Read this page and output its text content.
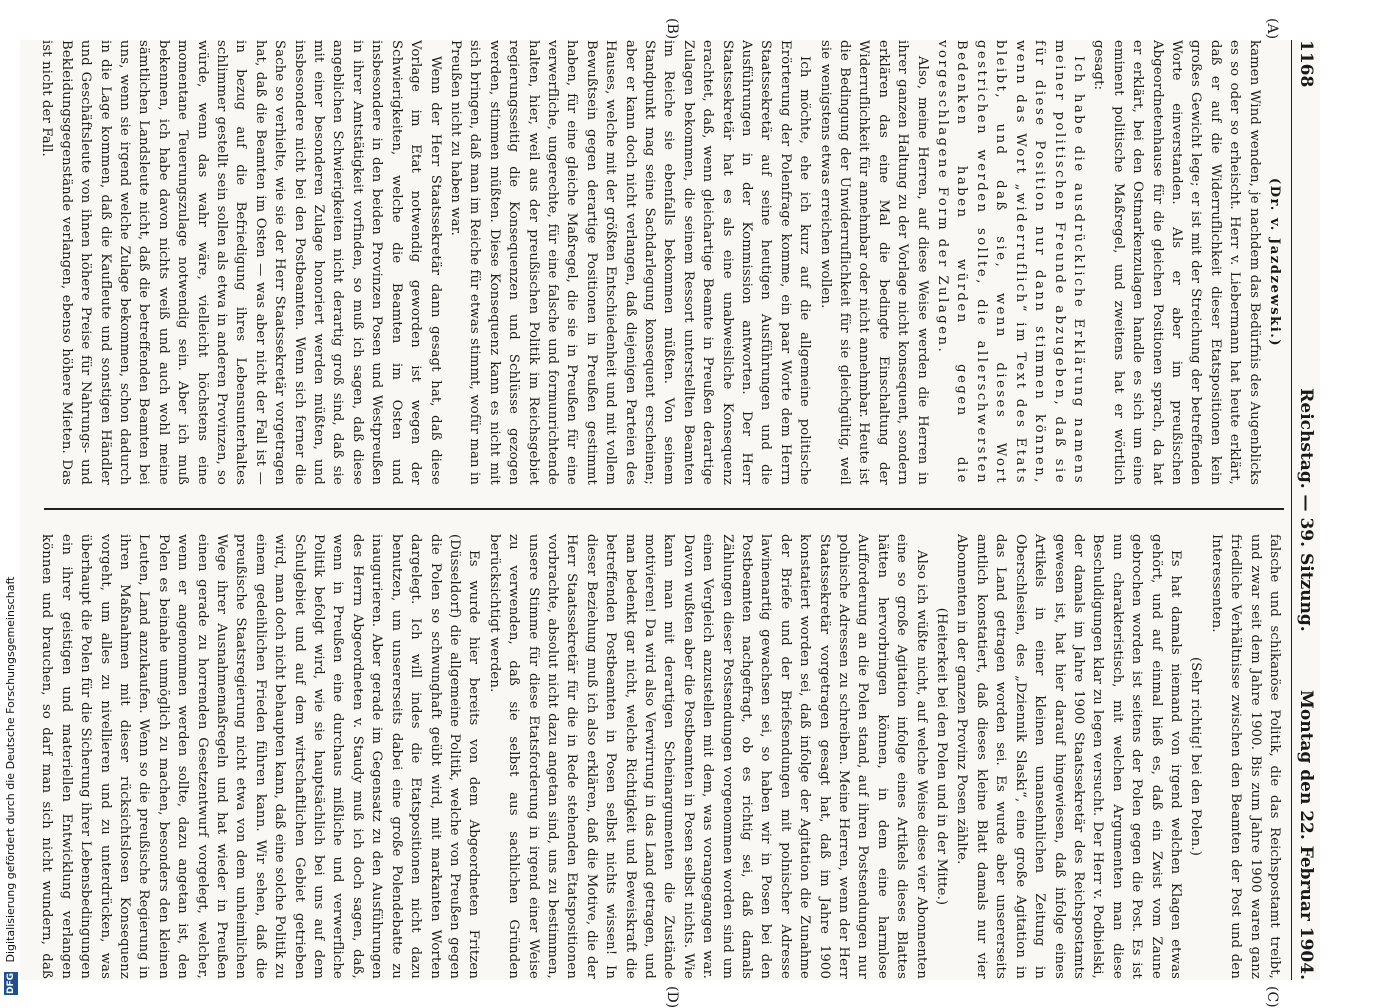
1168
Reichstag. — 39. Sitzung.
Montag den 22. Februar 1904.
(A)
(B)
(C)
(D)

(Dr. v. Jazdzewski.)

kamen Wind wenden, je nachdem das Bedürfnis des Augenblicks es so oder so erheischt. Herr v. Liebermann hat heute erklärt, daß er auf die Widerruflichkeit dieser Etatspositionen kein großes Gewicht lege; er ist mit der Streichung der betreffenden Worte einverstanden. Als er aber im preußischen Abgeordnetenhause für die gleichen Positionen sprach, da hat er erklärt, bei den Ostmarkenzulagen handle es sich um eine eminent politische Maßregel, und zweitens hat er wörtlich gesagt:

Ich habe die ausdrückliche Erklärung namens meiner politischen Freunde abzugeben, daß sie für diese Position nur dann stimmen können, wenn das Wort „widerruflich“ im Text des Etats bleibt, und daß sie, wenn dieses Wort gestrichen werden sollte, die allerschwersten Bedenken haben würden gegen die vorgeschlagene Form der Zulagen.

Also, meine Herren, auf diese Weise werden die Herren in ihrer ganzen Haltung zu der Vorlage nicht konsequent, sondern erklären das eine Mal die bedingte Einschaltung der Widerruflichkeit für annehmbar oder nicht annehmbar. Heute ist die Bedingung der Unwiderruflichkeit für sie gleichgültig, weil sie wenigstens etwas erreichen wollen.

Ich möchte, ehe ich kurz auf die allgemeine politische Erörterung der Polenfrage komme, ein paar Worte dem Herrn Staatssekretär auf seine heutigen Ausführungen und die Ausführungen in der Kommission antworten. Der Herr Staatssekretär hat es als eine unabweisliche Konsequenz erachtet, daß, wenn gleichartige Beamte in Preußen derartige Zulagen bekommen, die seinem Ressort unterstellten Beamten im Reiche sie ebenfalls bekommen müßten. Von seinem Standpunkt mag seine Sachdarlegung konsequent erscheinen; aber er kann doch nicht verlangen, daß diejenigen Parteien des Hauses, welche mit der größten Entschiedenheit und mit vollem Bewußtsein gegen derartige Positionen in Preußen gestimmt haben, für eine gleiche Maßregel, die sie in Preußen für eine verwerfliche, ungerechte, für eine falsche und formunrichtende halten, hier, weil aus der preußischen Politik im Reichsgebiet regierungsseitig die Konsequenzen und Schlüsse gezogen werden, stimmen müßten. Diese Konsequenz kann es nicht mit sich bringen, daß man im Reiche für etwas stimmt, wofür man in Preußen nicht zu haben war.

Wenn der Herr Staatssekretär dann gesagt hat, daß diese Vorlage im Etat notwendig geworden ist wegen der Schwierigkeiten, welche die Beamten im Osten und insbesondere in den beiden Provinzen Posen und Westpreußen in ihrer Amtstätigkeit vorfinden, so muß ich sagen, daß diese angeblichen Schwierigkeiten nicht derartig groß sind, daß sie mit einer besonderen Zulage honoriert werden müßten, und insbesondere nicht bei den Postbeamten. Wenn sich ferner die Sache so verhielte, wie sie der Herr Staatssekretär vorgetragen hat, daß die Beamten im Osten — was aber nicht der Fall ist — in bezug auf die Befriedigung ihres Lebensunterhaltes schlimmer gestellt sein sollen als etwa in anderen Provinzen, so würde, wenn das wahr wäre, vielleicht höchstens eine momentane Teuerungszulage notwendig sein. Aber ich muß bekennen, ich habe davon nichts weiß und auch wohl meine sämtlichen Landsleute nicht, daß die betreffenden Beamten bei uns, wenn sie irgend welche Zulage bekommen, schon dadurch in die Lage kommen, daß die Kaufleute und sonstigen Händler und Geschäftsleute von ihnen höhere Preise für Nahrungs- und Bekleidungsgegenstände verlangen, ebenso höhere Mieten. Das ist nicht der Fall.

falsche und schikanöse Politik, die das Reichspostamt treibt, und zwar seit dem Jahre 1900. Bis zum Jahre 1900 waren ganz friedliche Verhältnisse zwischen den Beamten der Post und den Interessenten.

(Sehr richtig! bei den Polen.)

Es hat damals niemand von irgend welchen Klagen etwas gehört, und auf einmal hieß es, daß ein Zwist vom Zaune gebrochen worden ist seitens der Polen gegen die Post. Es ist nun charakteristisch, mit welchen Argumenten man diese Beschuldigungen klar zu legen versucht. Der Herr v. Podbielski, der damals im Jahre 1900 Staatssekretär des Reichspostamts gewesen ist, hat hier darauf hingewiesen, daß infolge eines Artikels in einer kleinen unansehnlichen Zeitung in Oberschlesien, des „Dziennik Slaski“, eine große Agitation in das Land getragen worden sei. Es wurde aber unsererseits amtlich konstatiert, daß dieses kleine Blatt damals nur vier Abonnenten in der ganzen Provinz Posen zählte.

(Heiterkeit bei den Polen und in der Mitte.)

Also ich wüßte nicht, auf welche Weise diese vier Abonnenten eine so große Agitation infolge eines Artikels dieses Blattes hätten hervorbringen können, in dem eine harmlose Aufforderung an die Polen stand, auf ihren Postsendungen nur polnische Adressen zu schreiben. Meine Herren, wenn der Herr Staatssekretär vorgetragen gesagt hat, daß im Jahre 1900 konstatiert worden sei, daß infolge der Agitation die Zunahme der Briefe und der Briefsendungen mit polnischer Adresse lawinenartig gewachsen sei, so haben wir in Posen bei den Postbeamten nachgefragt, ob es richtig sei, daß damals Zählungen dieser Postsendungen vorgenommen worden sind um einen Vergleich anzustellen mit dem, was vorangegangen war. Davon wußten aber die Postbeamten in Posen selbst nichts. Wie kann man mit derartigen Scheinargumenten die Zustände motivieren! Da wird also Verwirrung in das Land getragen, und man bedenkt gar nicht, welche Richtigkeit und Beweiskraft die betreffenden Postbeamten in Posen selbst nichts wissen! In dieser Beziehung muß ich also erklären, daß die Motive, die der Herr Staatssekretär für die in Rede stehenden Etatspositionen vorbrachte, absolut nicht dazu angetan sind, uns zu bestimmen, unsere Stimme für diese Etatsforderung in irgend einer Weise zu verwenden, daß sie selbst aus sachlichen Gründen berücksichtigt werden.

Es wurde hier bereits von dem Abgeordneten Fritzen (Düsseldorf) die allgemeine Politik, welche von Preußen gegen die Polen so schwunghaft geübt wird, mit markanten Worten dargelegt. Ich will indes die Etatspositionen nicht dazu benutzen, um unsererseits dabei eine große Polendebatte zu inaugurieren. Aber gerade im Gegensatz zu den Ausführungen des Herrn Abgeordneten v. Staudy muß ich doch sagen, daß, wenn in Preußen eine durchaus mißliche und verwerfliche Politik befolgt wird, wie sie hauptsächlich bei uns auf dem Schulgebiet und auf dem wirtschaftlichen Gebiet getrieben wird, man doch nicht behaupten kann, daß eine solche Politik zu einem gedeihlichen Frieden führen kann. Wir sehen, daß die preußische Staatsregierung nicht etwa von dem unheimlichen Wege ihrer Ausnahmemaßregeln und hat wieder in Preußen einen gerade zu horrenden Gesetzentwurf vorgelegt, welcher, wenn er angenommen werden sollte, dazu angetan ist, den Polen es beinahe unmöglich zu machen, besonders den kleinen Leuten, Land anzukaufen. Wenn so die preußische Regierung in ihren Maßnahmen mit dieser rücksichtslosen Konsequenz vorgeht, um alles zu nivellieren und zu unterdrücken, was überhaupt die Polen für die Sicherung ihrer Lebensbedingungen ein ihrer geistigen und materiellen Entwicklung verlangen können und brauchen, so darf man sich nicht wundern, daß

DFG Digitalisierung gefördert durch die Deutsche Forschungsgemeinschaft
